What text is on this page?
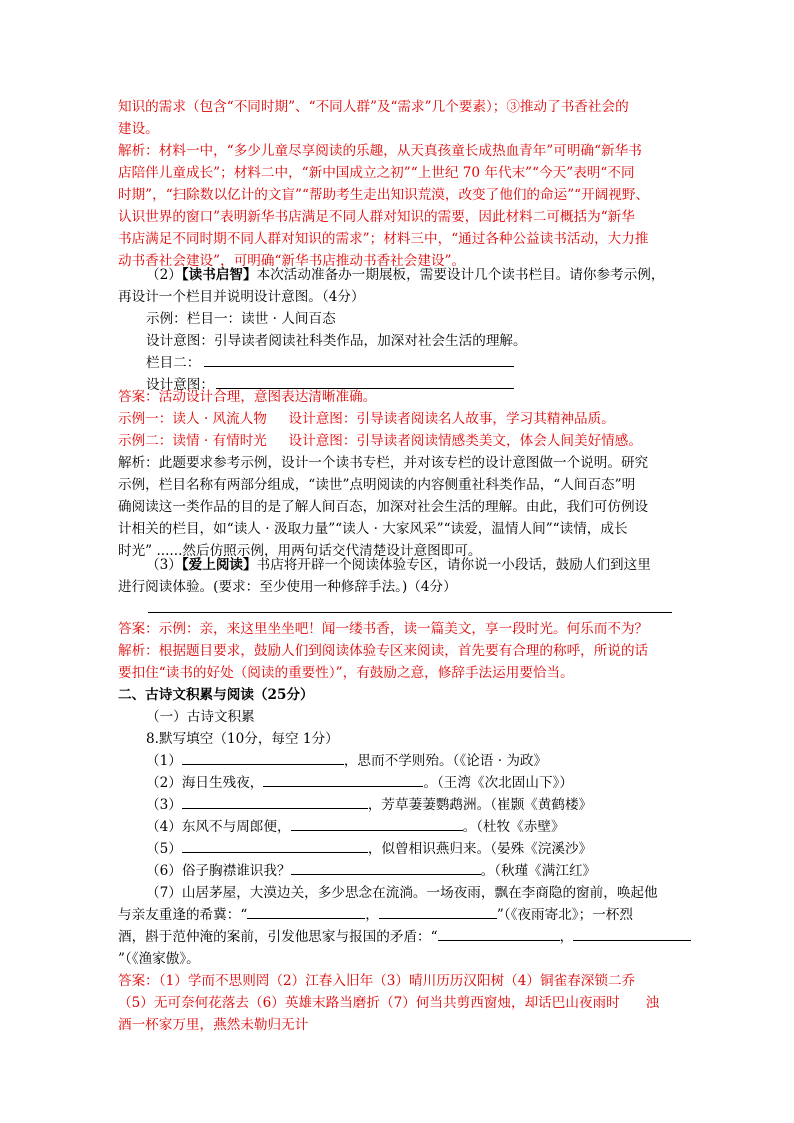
知识的需求（包含“不同时期”、“不同人群”及“需求”几个要素）；③推动了书香社会的
建设。
解析：材料一中，“多少儿童尽享阅读的乐趣，从天真孩童长成热血青年”可明确“新华书
店陪伴儿童成长”；材料二中，“新中国成立之初”“上世纪 70 年代末”“今天”表明“不同
时期”，“扫除数以亿计的文盲”“帮助考生走出知识荒漠，改变了他们的命运”“开阔视野、
认识世界的窗口”表明新华书店满足不同人群对知识的需要，因此材料二可概括为“新华
书店满足不同时期不同人群对知识的需求”；材料三中，“通过各种公益读书活动，大力推
动书香社会建设”，可明确“新华书店推动书香社会建设”。
（2）【读书启智】本次活动准备办一期展板，需要设计几个读书栏目。请你参考示例，
再设计一个栏目并说明设计意图。（4分）
示例：栏目一：读世 · 人间百态
设计意图：引导读者阅读社科类作品，加深对社会生活的理解。
栏目二：
设计意图：
答案：活动设计合理，意图表达清晰准确。
示例一：读人 · 风流人物     设计意图：引导读者阅读名人故事，学习其精神品质。
示例二：读情 · 有情时光     设计意图：引导读者阅读情感类美文，体会人间美好情感。
解析：此题要求参考示例，设计一个读书专栏，并对该专栏的设计意图做一个说明。研究
示例，栏目名称有两部分组成，“读世”点明阅读的内容侧重社科类作品，“人间百态”明
确阅读这一类作品的目的是了解人间百态，加深对社会生活的理解。由此，我们可仿例设
计相关的栏目，如“读人 · 汲取力量”“读人 · 大家风采”“读爱，温情人间”“读情，成长
时光” ......然后仿照示例，用两句话交代清楚设计意图即可。
（3）【爱上阅读】书店将开辟一个阅读体验专区，请你说一小段话，鼓励人们到这里
进行阅读体验。(要求：至少使用一种修辞手法。)（4分）
答案：示例：亲，来这里坐坐吧！闻一缕书香，读一篇美文，享一段时光。何乐而不为？
解析：根据题目要求，鼓励人们到阅读体验专区来阅读，首先要有合理的称呼，所说的话
要扣住“读书的好处（阅读的重要性）”，有鼓励之意，修辞手法运用要恰当。
二、古诗文积累与阅读（25分）
（一）古诗文积累
8.默写填空（10分，每空 1分）
（1）	，思而不学则殆。（《论语 · 为政》
（2）海日生残夜，	。（王湾《次北固山下》）
（3）	，芳草萋萋鹦鹉洲。（崔颢《黄鹤楼》
（4）东风不与周郎便，	。（杜牧《赤壁》
（5）	，似曾相识燕归来。（晏殊《浣溪沙》
（6）俗子胸襟谁识我？	。（秋瑾《满江红》
（7）山居茅屋，大漠边关，多少思念在流淌。一场夜雨，飘在李商隐的窗前，唤起他
与亲友重逢的希冀：“	，	”（《夜雨寄北》；一杯烈
酒，斟于范仲淹的案前，引发他思家与报国的矛盾：“	，
”（《渔家傲》。
答案：（1）学而不思则罔（2）江春入旧年（3）晴川历历汉阳树（4）铜雀春深锁二乔
（5）无可奈何花落去（6）英雄末路当磨折（7）何当共剪西窗烛，却话巴山夜雨时      浊
酒一杯家万里，燕然未勒归无计
